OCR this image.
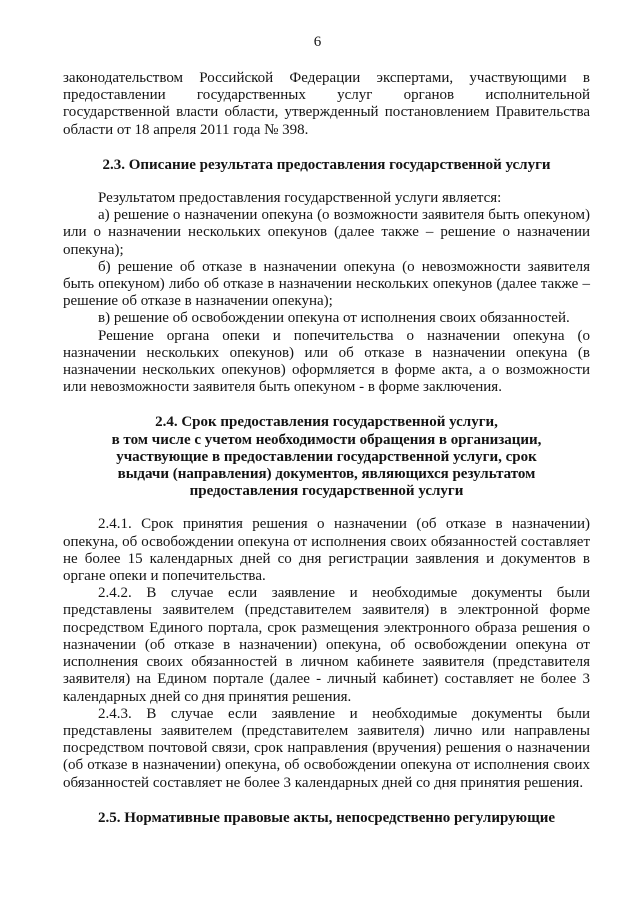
6

законодательством Российской Федерации экспертами, участвующими в предоставлении государственных услуг органов исполнительной государственной власти области, утвержденный постановлением Правительства области от 18 апреля 2011 года № 398.

2.3. Описание результата предоставления государственной услуги

Результатом предоставления государственной услуги является:

а) решение о назначении опекуна (о возможности заявителя быть опекуном) или о назначении нескольких опекунов (далее также – решение о назначении опекуна);

б) решение об отказе в назначении опекуна (о невозможности заявителя быть опекуном) либо об отказе в назначении нескольких опекунов (далее также – решение об отказе в назначении опекуна);

в) решение об освобождении опекуна от исполнения своих обязанностей.

Решение органа опеки и попечительства о назначении опекуна (о назначении нескольких опекунов) или об отказе в назначении опекуна (в назначении нескольких опекунов) оформляется в форме акта, а о возможности или невозможности заявителя быть опекуном - в форме заключения.

2.4. Срок предоставления государственной услуги,
в том числе с учетом необходимости обращения в организации,
участвующие в предоставлении государственной услуги, срок
выдачи (направления) документов, являющихся результатом
предоставления государственной услуги

2.4.1. Срок принятия решения о назначении (об отказе в назначении) опекуна, об освобождении опекуна от исполнения своих обязанностей составляет не более 15 календарных дней со дня регистрации заявления и документов в органе опеки и попечительства.

2.4.2. В случае если заявление и необходимые документы были представлены заявителем (представителем заявителя) в электронной форме посредством Единого портала, срок размещения электронного образа решения о назначении (об отказе в назначении) опекуна, об освобождении опекуна от исполнения своих обязанностей в личном кабинете заявителя (представителя заявителя) на Едином портале (далее - личный кабинет) составляет не более 3 календарных дней со дня принятия решения.

2.4.3. В случае если заявление и необходимые документы были представлены заявителем (представителем заявителя) лично или направлены посредством почтовой связи, срок направления (вручения) решения о назначении (об отказе в назначении) опекуна, об освобождении опекуна от исполнения своих обязанностей составляет не более 3 календарных дней со дня принятия решения.

2.5. Нормативные правовые акты, непосредственно регулирующие
